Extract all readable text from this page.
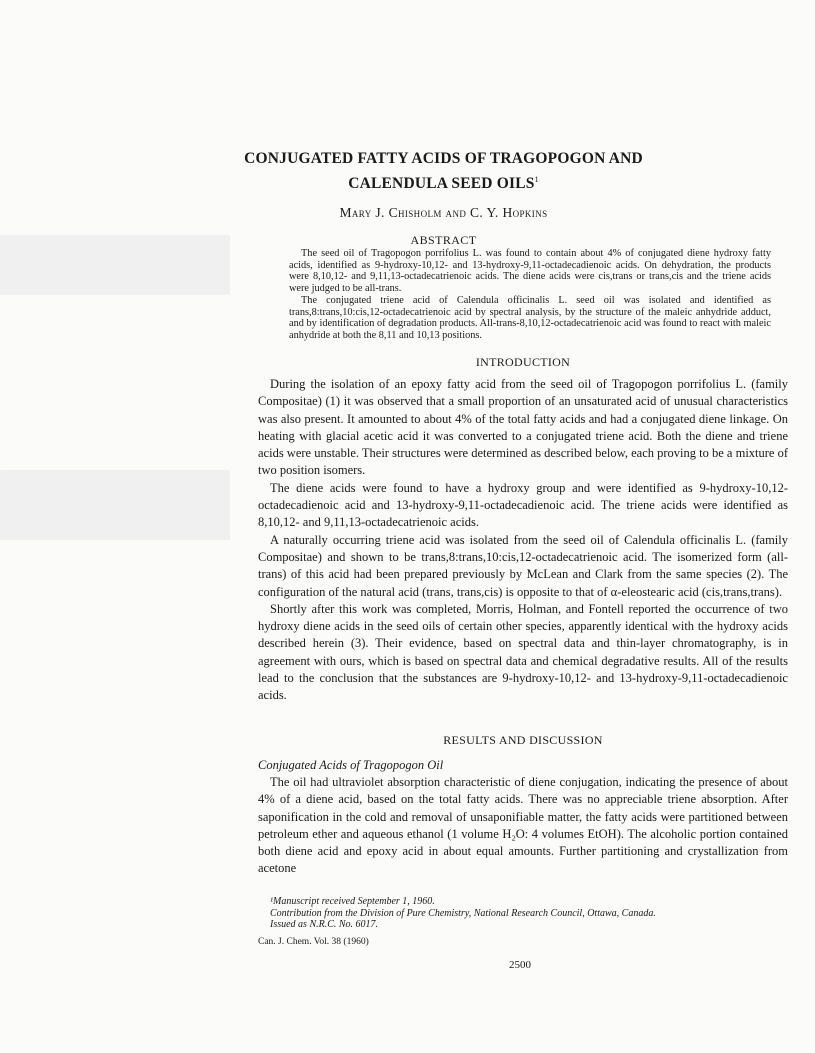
CONJUGATED FATTY ACIDS OF TRAGOPOGON AND CALENDULA SEED OILS$^1$
Mary J. Chisholm and C. Y. Hopkins
ABSTRACT

The seed oil of Tragopogon porrifolius L. was found to contain about 4% of conjugated diene hydroxy fatty acids, identified as 9-hydroxy-10,12- and 13-hydroxy-9,11-octadecadienoic acids. On dehydration, the products were 8,10,12- and 9,11,13-octadecatrienoic acids. The diene acids were cis,trans or trans,cis and the triene acids were judged to be all-trans.

The conjugated triene acid of Calendula officinalis L. seed oil was isolated and identified as trans,8:trans,10:cis,12-octadecatrienoic acid by spectral analysis, by the structure of the maleic anhydride adduct, and by identification of degradation products. All-trans-8,10,12-octadecatrienoic acid was found to react with maleic anhydride at both the 8,11 and 10,13 positions.

INTRODUCTION

During the isolation of an epoxy fatty acid from the seed oil of Tragopogon porrifolius L. (family Compositae) (1) it was observed that a small proportion of an unsaturated acid of unusual characteristics was also present. It amounted to about 4% of the total fatty acids and had a conjugated diene linkage. On heating with glacial acetic acid it was converted to a conjugated triene acid. Both the diene and triene acids were unstable. Their structures were determined as described below, each proving to be a mixture of two position isomers.

The diene acids were found to have a hydroxy group and were identified as 9-hydroxy-10,12-octadecadienoic acid and 13-hydroxy-9,11-octadecadienoic acid. The triene acids were identified as 8,10,12- and 9,11,13-octadecatrienoic acids.

A naturally occurring triene acid was isolated from the seed oil of Calendula officinalis L. (family Compositae) and shown to be trans,8:trans,10:cis,12-octadecatrienoic acid. The isomerized form (all-trans) of this acid had been prepared previously by McLean and Clark from the same species (2). The configuration of the natural acid (trans, trans,cis) is opposite to that of α-eleostearic acid (cis,trans,trans).

Shortly after this work was completed, Morris, Holman, and Fontell reported the occurrence of two hydroxy diene acids in the seed oils of certain other species, apparently identical with the hydroxy acids described herein (3). Their evidence, based on spectral data and thin-layer chromatography, is in agreement with ours, which is based on spectral data and chemical degradative results. All of the results lead to the conclusion that the substances are 9-hydroxy-10,12- and 13-hydroxy-9,11-octadecadienoic acids.

RESULTS AND DISCUSSION
Conjugated Acids of Tragopogon Oil

The oil had ultraviolet absorption characteristic of diene conjugation, indicating the presence of about 4% of a diene acid, based on the total fatty acids. There was no appreciable triene absorption. After saponification in the cold and removal of unsaponifiable matter, the fatty acids were partitioned between petroleum ether and aqueous ethanol (1 volume H₂O: 4 volumes EtOH). The alcoholic portion contained both diene acid and epoxy acid in about equal amounts. Further partitioning and crystallization from acetone

¹Manuscript received September 1, 1960.
Contribution from the Division of Pure Chemistry, National Research Council, Ottawa, Canada.
Issued as N.R.C. No. 6017.
Can. J. Chem. Vol. 38 (1960)
2500
